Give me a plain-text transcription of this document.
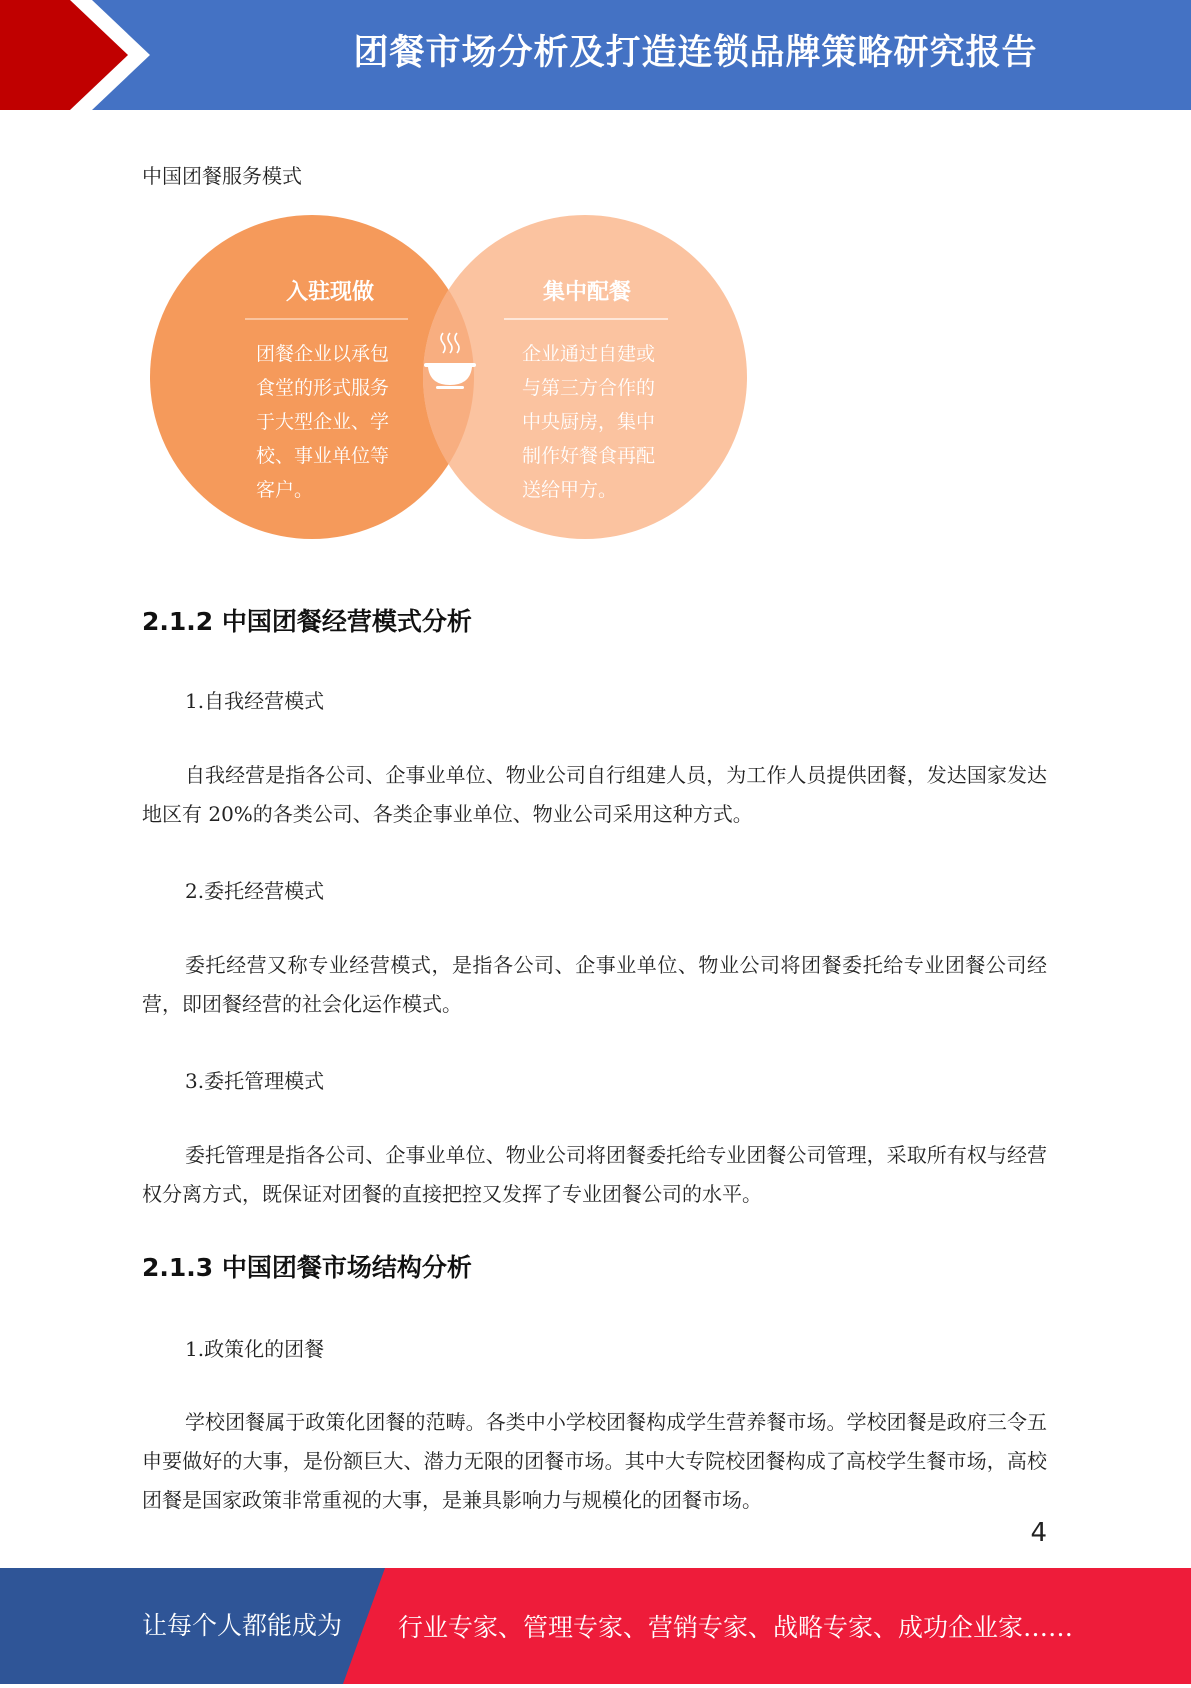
团餐市场分析及打造连锁品牌策略研究报告
中国团餐服务模式
入驻现做
团餐企业以承包
食堂的形式服务
于大型企业、学
校、事业单位等
客户。
集中配餐
企业通过自建或
与第三方合作的
中央厨房，集中
制作好餐食再配
送给甲方。
2.1.2 中国团餐经营模式分析
1.自我经营模式
自我经营是指各公司、企事业单位、物业公司自行组建人员，为工作人员提供团餐，发达国家发达地区有 20%的各类公司、各类企事业单位、物业公司采用这种方式。
2.委托经营模式
委托经营又称专业经营模式，是指各公司、企事业单位、物业公司将团餐委托给专业团餐公司经营，即团餐经营的社会化运作模式。
3.委托管理模式
委托管理是指各公司、企事业单位、物业公司将团餐委托给专业团餐公司管理，采取所有权与经营权分离方式，既保证对团餐的直接把控又发挥了专业团餐公司的水平。
2.1.3 中国团餐市场结构分析
1.政策化的团餐
学校团餐属于政策化团餐的范畴。各类中小学校团餐构成学生营养餐市场。学校团餐是政府三令五申要做好的大事，是份额巨大、潜力无限的团餐市场。其中大专院校团餐构成了高校学生餐市场，高校团餐是国家政策非常重视的大事，是兼具影响力与规模化的团餐市场。
4
让每个人都能成为 行业专家、管理专家、营销专家、战略专家、成功企业家……
